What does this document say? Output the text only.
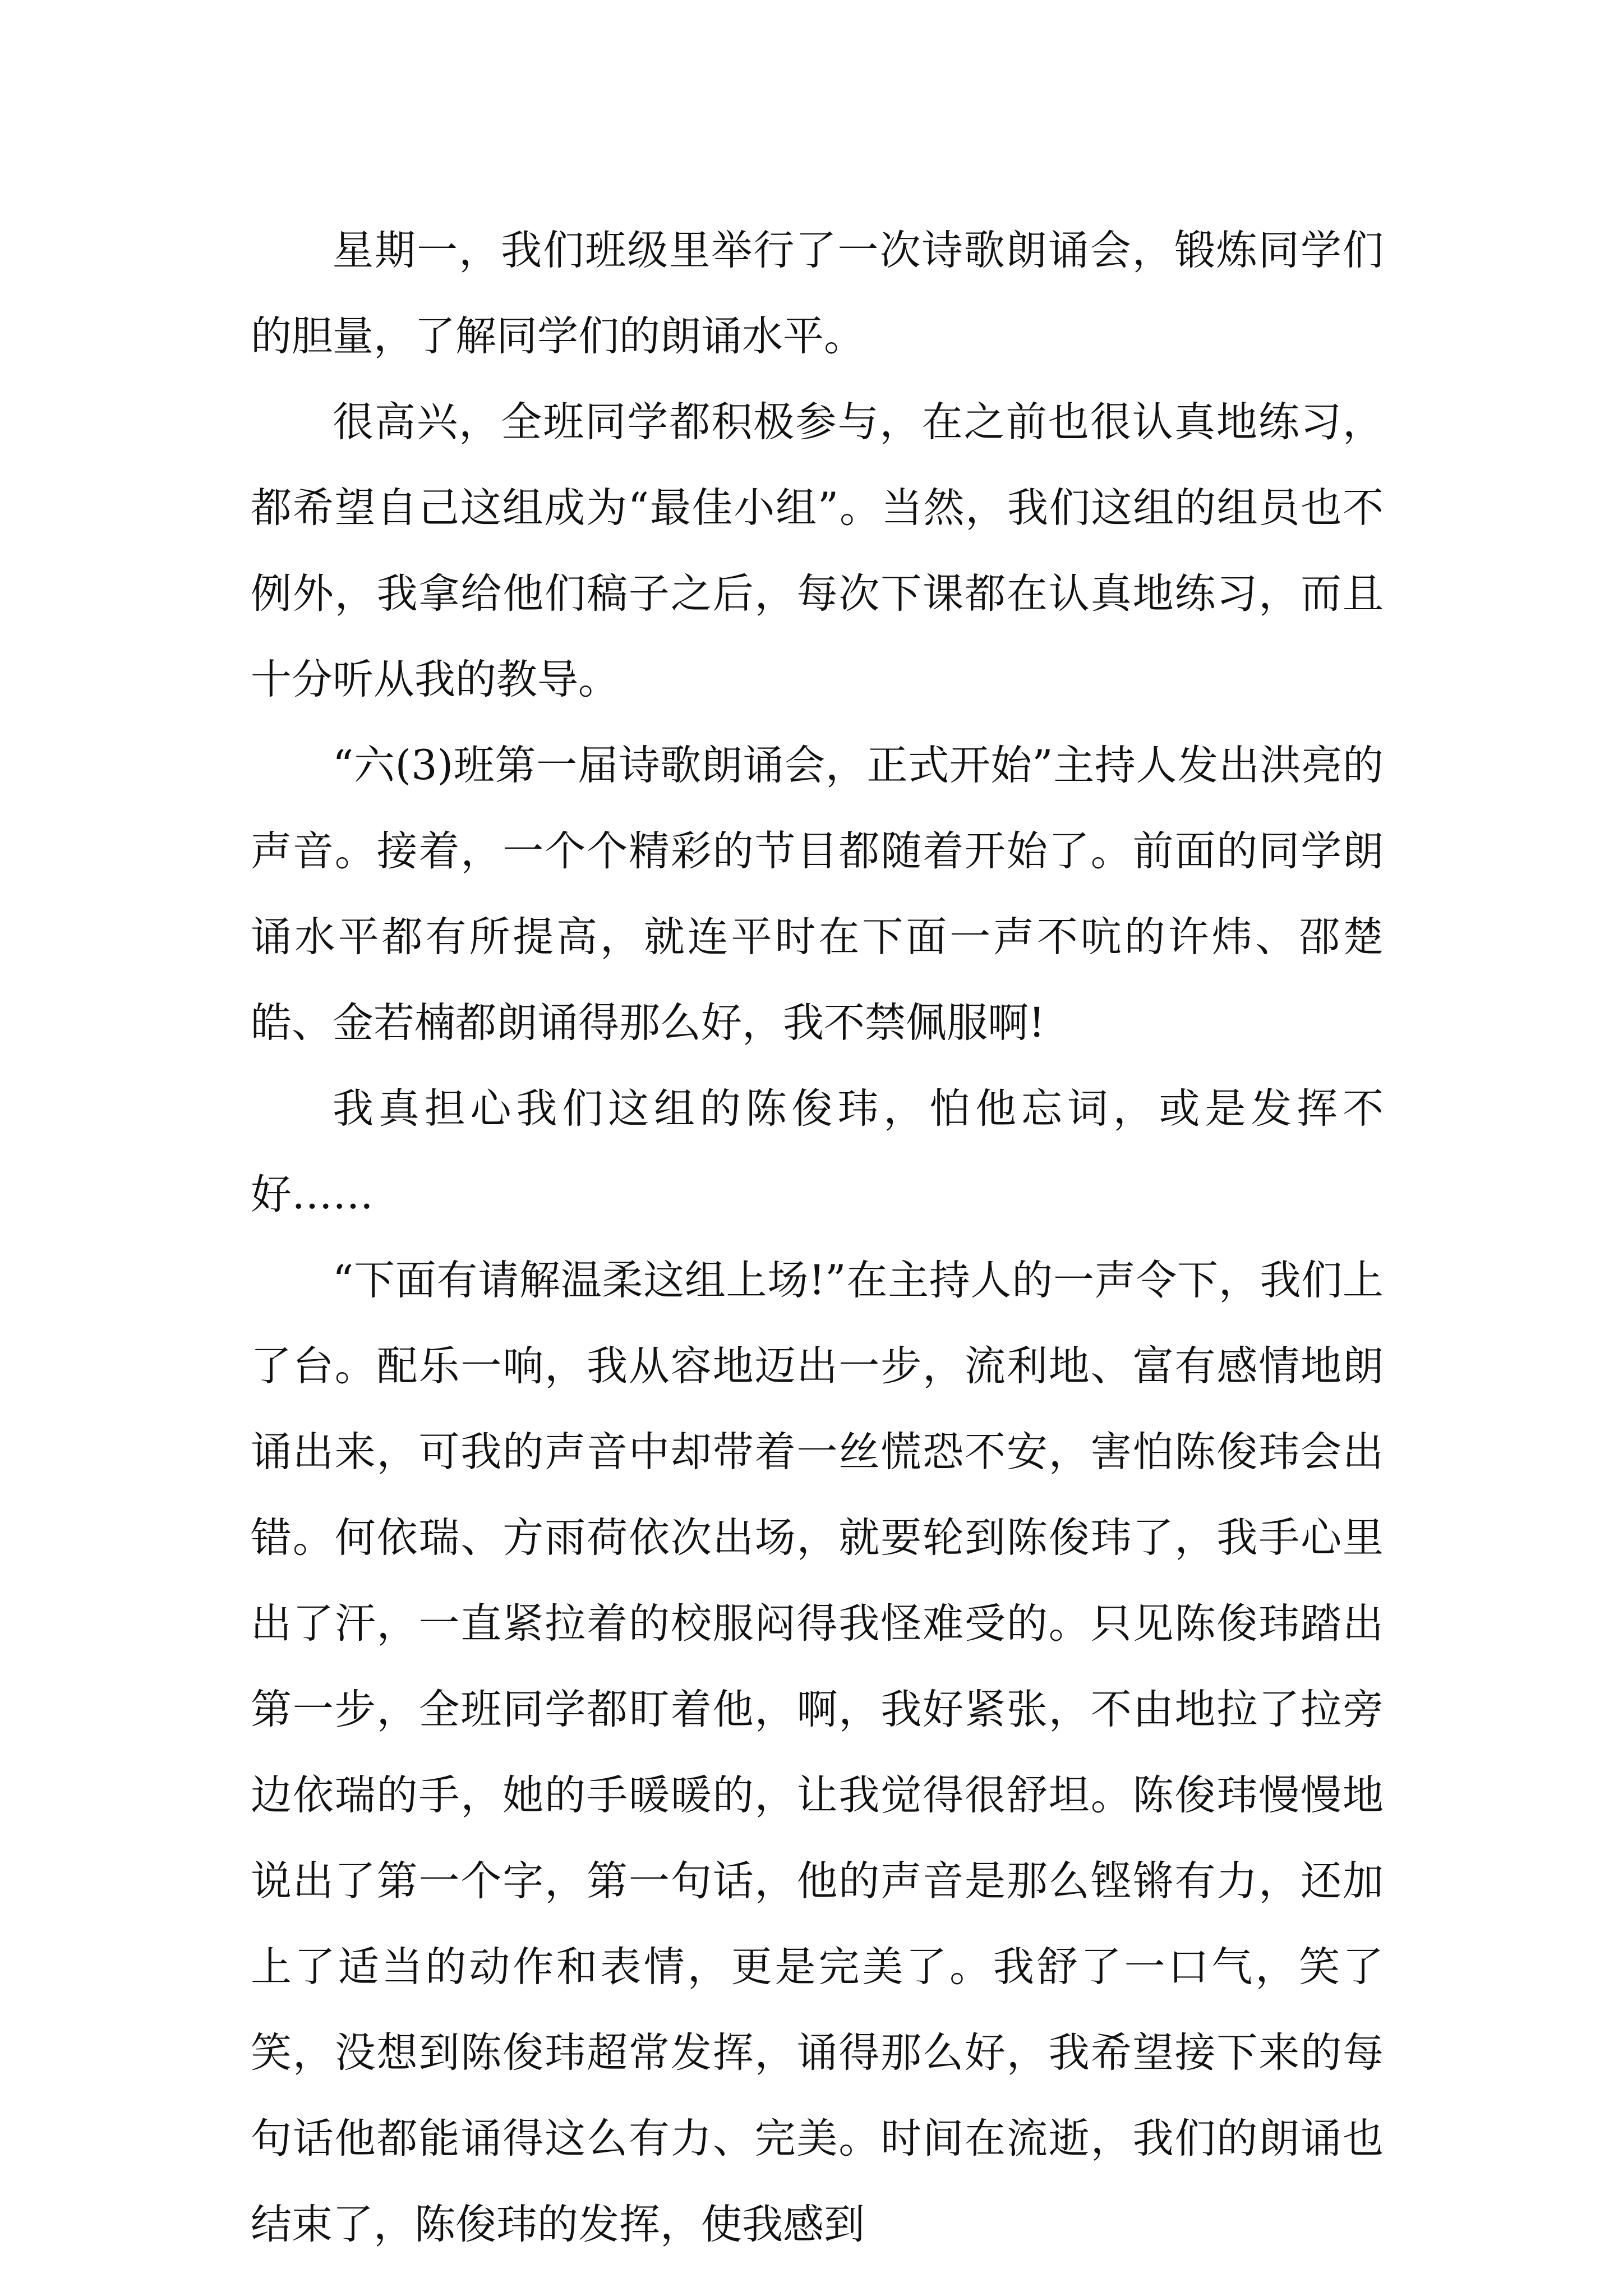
星期一，我们班级里举行了一次诗歌朗诵会，锻炼同学们的胆量，了解同学们的朗诵水平。

很高兴，全班同学都积极参与，在之前也很认真地练习，都希望自己这组成为“最佳小组”。当然，我们这组的组员也不例外，我拿给他们稿子之后，每次下课都在认真地练习，而且十分听从我的教导。

“六(3)班第一届诗歌朗诵会，正式开始”主持人发出洪亮的声音。接着，一个个精彩的节目都随着开始了。前面的同学朗诵水平都有所提高，就连平时在下面一声不吭的许炜、邵楚皓、金若楠都朗诵得那么好，我不禁佩服啊!

我真担心我们这组的陈俊玮，怕他忘词，或是发挥不好……

“下面有请解温柔这组上场!”在主持人的一声令下，我们上了台。配乐一响，我从容地迈出一步，流利地、富有感情地朗诵出来，可我的声音中却带着一丝慌恐不安，害怕陈俊玮会出错。何依瑞、方雨荷依次出场，就要轮到陈俊玮了，我手心里出了汗，一直紧拉着的校服闷得我怪难受的。只见陈俊玮踏出第一步，全班同学都盯着他，啊，我好紧张，不由地拉了拉旁边依瑞的手，她的手暖暖的，让我觉得很舒坦。陈俊玮慢慢地说出了第一个字，第一句话，他的声音是那么铿锵有力，还加上了适当的动作和表情，更是完美了。我舒了一口气，笑了笑，没想到陈俊玮超常发挥，诵得那么好，我希望接下来的每句话他都能诵得这么有力、完美。时间在流逝，我们的朗诵也结束了，陈俊玮的发挥，使我感到
